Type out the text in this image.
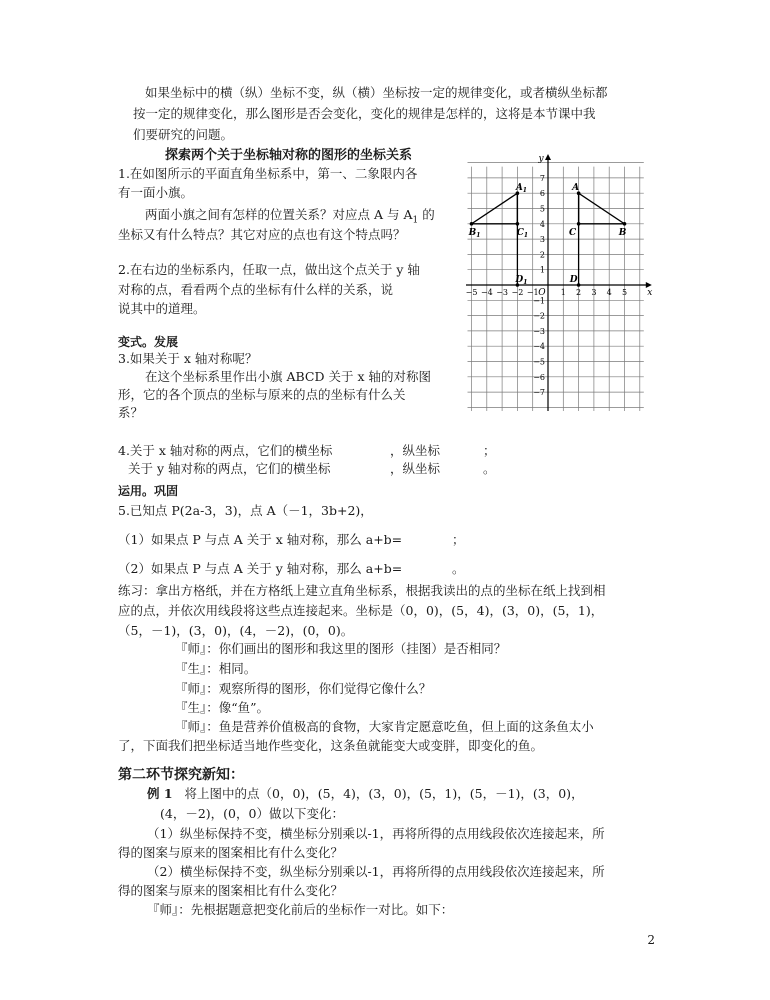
如果坐标中的横（纵）坐标不变，纵（横）坐标按一定的规律变化，或者横纵坐标都
按一定的规律变化，那么图形是否会变化，变化的规律是怎样的，这将是本节课中我
们要研究的问题。
探索两个关于坐标轴对称的图形的坐标关系
1.在如图所示的平面直角坐标系中，第一、二象限内各
有一面小旗。
两面小旗之间有怎样的位置关系？对应点 A 与 $A_1$ 的
坐标又有什么特点？其它对应的点也有这个特点吗？
2.在右边的坐标系内，任取一点，做出这个点关于 y 轴
对称的点，看看两个点的坐标有什么样的关系，说
说其中的道理。
变式。发展
3.如果关于 x 轴对称呢？
在这个坐标系里作出小旗 ABCD 关于 x 轴的对称图
形，它的各个顶点的坐标与原来的点的坐标有什么关
系？
4.关于 x 轴对称的两点，它们的横坐标	，纵坐标	；
关于 y 轴对称的两点，它们的横坐标	，纵坐标	。
运用。巩固
5.已知点 P(2a-3，3)，点 A（－1，3b+2)，
（1）如果点 P 与点 A 关于 x 轴对称，那么 a+b=	；
（2）如果点 P 与点 A 关于 y 轴对称，那么 a+b=	。
练习：拿出方格纸，并在方格纸上建立直角坐标系，根据我读出的点的坐标在纸上找到相
应的点，并依次用线段将这些点连接起来。坐标是（0，0)，(5，4)，(3，0)，(5，1)，
（5，－1)，(3，0)，(4，－2)，(0，0)。
『师』：你们画出的图形和我这里的图形（挂图）是否相同？
『生』：相同。
『师』：观察所得的图形，你们觉得它像什么？
『生』：像“鱼”。
『师』：鱼是营养价值极高的食物，大家肯定愿意吃鱼，但上面的这条鱼太小
了，下面我们把坐标适当地作些变化，这条鱼就能变大或变胖，即变化的鱼。
第二环节探究新知：
例 1 将上图中的点（0，0)，(5，4)，(3，0)，(5，1)，(5，－1)，(3，0)，
(4，－2)，(0，0）做以下变化：
（1）纵坐标保持不变，横坐标分别乘以-1，再将所得的点用线段依次连接起来，所
得的图案与原来的图案相比有什么变化？
（2）横坐标保持不变，纵坐标分别乘以-1，再将所得的点用线段依次连接起来，所
得的图案与原来的图案相比有什么变化？
『师』：先根据题意把变化前后的坐标作一对比。如下：
2
x
y
O
−5 −4 −3 −2 −1	1 2 3 4 5
7
6
5
4
3
2
1
−1
−2
−3
−4
−5
−6
−7
A
B
C
D
$A_1$
$B_1$	$C_1$
$D_1$
